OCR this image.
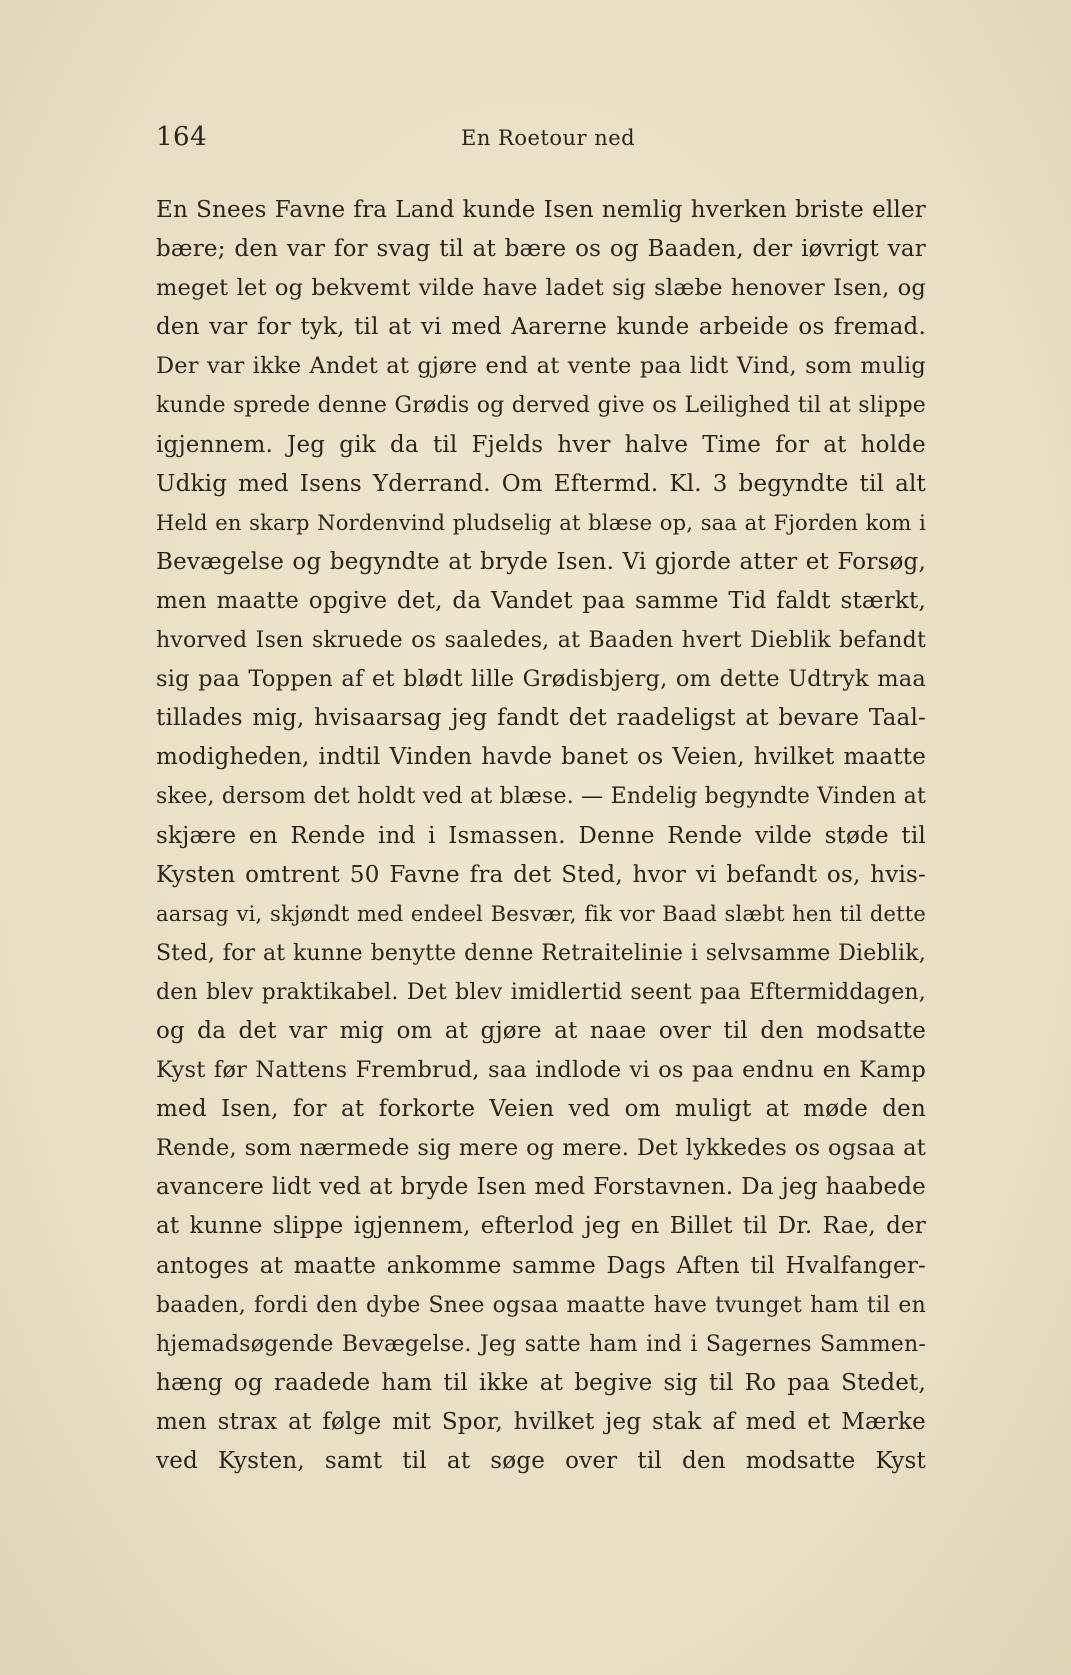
164	En Roetour ned
En Snees Favne fra Land kunde Isen nemlig hverken briste eller
bære; den var for svag til at bære os og Baaden, der iøvrigt var
meget let og bekvemt vilde have ladet sig slæbe henover Isen, og
den var for tyk, til at vi med Aarerne kunde arbeide os fremad.
Der var ikke Andet at gjøre end at vente paa lidt Vind, som mulig
kunde sprede denne Grødis og derved give os Leilighed til at slippe
igjennem. Jeg gik da til Fjelds hver halve Time for at holde
Udkig med Isens Yderrand. Om Eftermd. Kl. 3 begyndte til alt
Held en skarp Nordenvind pludselig at blæse op, saa at Fjorden kom i
Bevægelse og begyndte at bryde Isen. Vi gjorde atter et Forsøg,
men maatte opgive det, da Vandet paa samme Tid faldt stærkt,
hvorved Isen skruede os saaledes, at Baaden hvert Dieblik befandt
sig paa Toppen af et blødt lille Grødisbjerg, om dette Udtryk maa
tillades mig, hvisaarsag jeg fandt det raadeligst at bevare Taal-
modigheden, indtil Vinden havde banet os Veien, hvilket maatte
skee, dersom det holdt ved at blæse. — Endelig begyndte Vinden at
skjære en Rende ind i Ismassen. Denne Rende vilde støde til
Kysten omtrent 50 Favne fra det Sted, hvor vi befandt os, hvis-
aarsag vi, skjøndt med endeel Besvær, fik vor Baad slæbt hen til dette
Sted, for at kunne benytte denne Retraitelinie i selvsamme Dieblik,
den blev praktikabel. Det blev imidlertid seent paa Eftermiddagen,
og da det var mig om at gjøre at naae over til den modsatte
Kyst før Nattens Frembrud, saa indlode vi os paa endnu en Kamp
med Isen, for at forkorte Veien ved om muligt at møde den
Rende, som nærmede sig mere og mere. Det lykkedes os ogsaa at
avancere lidt ved at bryde Isen med Forstavnen. Da jeg haabede
at kunne slippe igjennem, efterlod jeg en Billet til Dr. Rae, der
antoges at maatte ankomme samme Dags Aften til Hvalfanger-
baaden, fordi den dybe Snee ogsaa maatte have tvunget ham til en
hjemadsøgende Bevægelse. Jeg satte ham ind i Sagernes Sammen-
hæng og raadede ham til ikke at begive sig til Ro paa Stedet,
men strax at følge mit Spor, hvilket jeg stak af med et Mærke
ved Kysten, samt til at søge over til den modsatte Kyst
